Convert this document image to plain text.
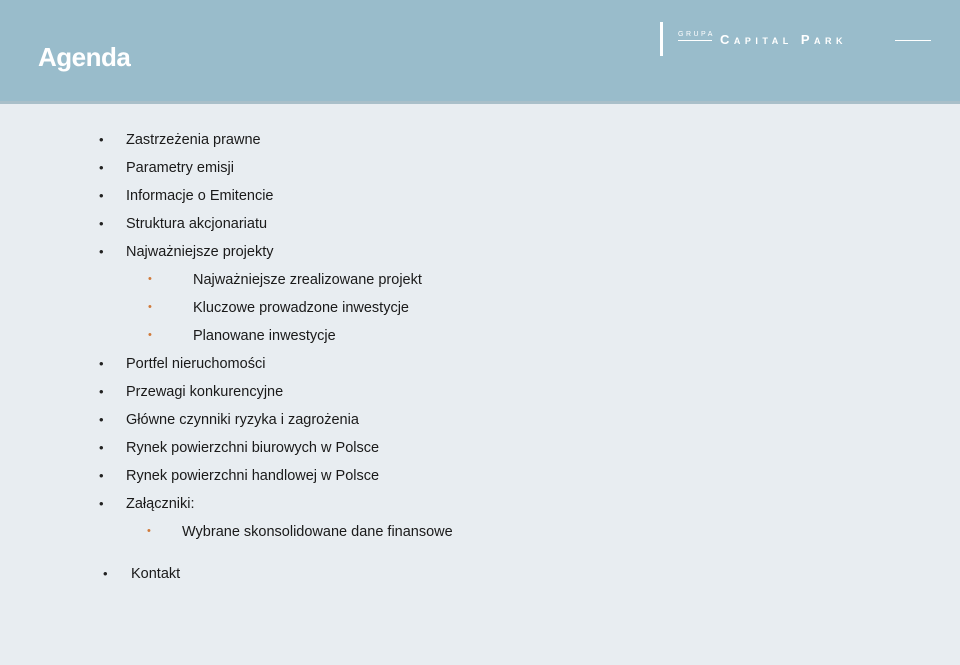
Agenda
GRUPA Capital Park
• Zastrzeżenia prawne
• Parametry emisji
• Informacje o Emitencie
• Struktura akcjonariatu
• Najważniejsze projekty
•	Najważniejsze zrealizowane projekt
•	Kluczowe prowadzone inwestycje
•	Planowane inwestycje
• Portfel nieruchomości
• Przewagi konkurencyjne
• Główne czynniki ryzyka i zagrożenia
• Rynek powierzchni biurowych w Polsce
• Rynek powierzchni handlowej w Polsce
• Załączniki:
• Wybrane skonsolidowane dane finansowe
• Kontakt
